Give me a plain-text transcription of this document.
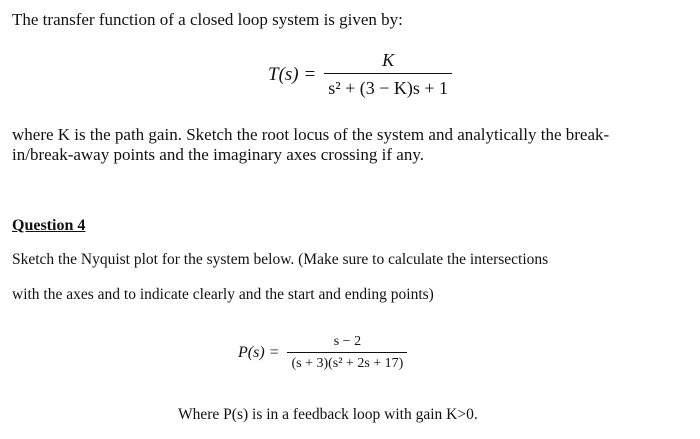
The transfer function of a closed loop system is given by:
$T(s) = \frac{K}{\text{s² + (3 − K)s + 1}}$
where K is the path gain. Sketch the root locus of the system and analytically the break-
in/break-away points and the imaginary axes crossing if any.
Question 4
Sketch the Nyquist plot for the system below. (Make sure to calculate the intersections
with the axes and to indicate clearly and the start and ending points)
$P(s) = \frac{s - 2}{\text{(s + 3)(s² + 2s + 17)}}$
Where P(s) is in a feedback loop with gain K>0.
